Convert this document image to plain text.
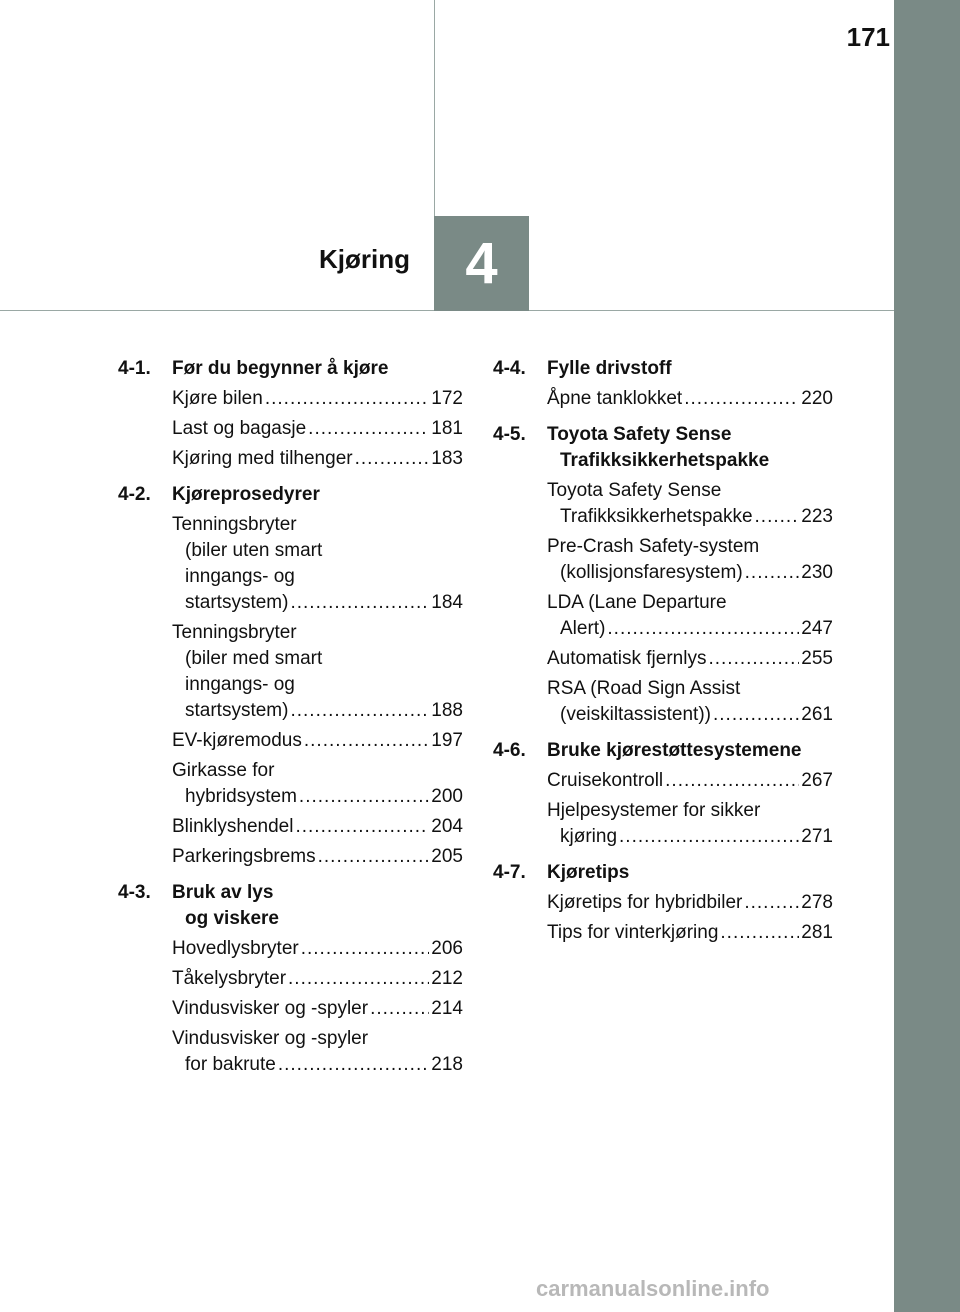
171
Kjøring 4
4-1.	Før du begynner å kjøre
Kjøre bilen .....	172
Last og bagasje .....	181
Kjøring med tilhenger .....	183
4-2.	Kjøreprosedyrer
Tenningsbryter
(biler uten smart
inngangs- og
startsystem) .....	184
Tenningsbryter
(biler med smart
inngangs- og
startsystem) .....	188
EV-kjøremodus .....	197
Girkasse for
hybridsystem .....	200
Blinklyshendel .....	204
Parkeringsbrems .....	205
4-3.	Bruk av lys
og viskere
Hovedlysbryter .....	206
Tåkelysbryter .....	212
Vindusvisker og -spyler .....	214
Vindusvisker og -spyler
for bakrute .....	218
4-4.	Fylle drivstoff
Åpne tanklokket .....	220
4-5.	Toyota Safety Sense
Trafikksikkerhetspakke
Toyota Safety Sense
Trafikksikkerhetspakke .....	223
Pre-Crash Safety-system
(kollisjonsfaresystem) .....	230
LDA (Lane Departure
Alert) .....	247
Automatisk fjernlys .....	255
RSA (Road Sign Assist
(veiskiltassistent)) .....	261
4-6.	Bruke kjørestøttesystemene
Cruisekontroll .....	267
Hjelpesystemer for sikker
kjøring .....	271
4-7.	Kjøretips
Kjøretips for hybridbiler .....	278
Tips for vinterkjøring .....	281
carmanualsonline.info
